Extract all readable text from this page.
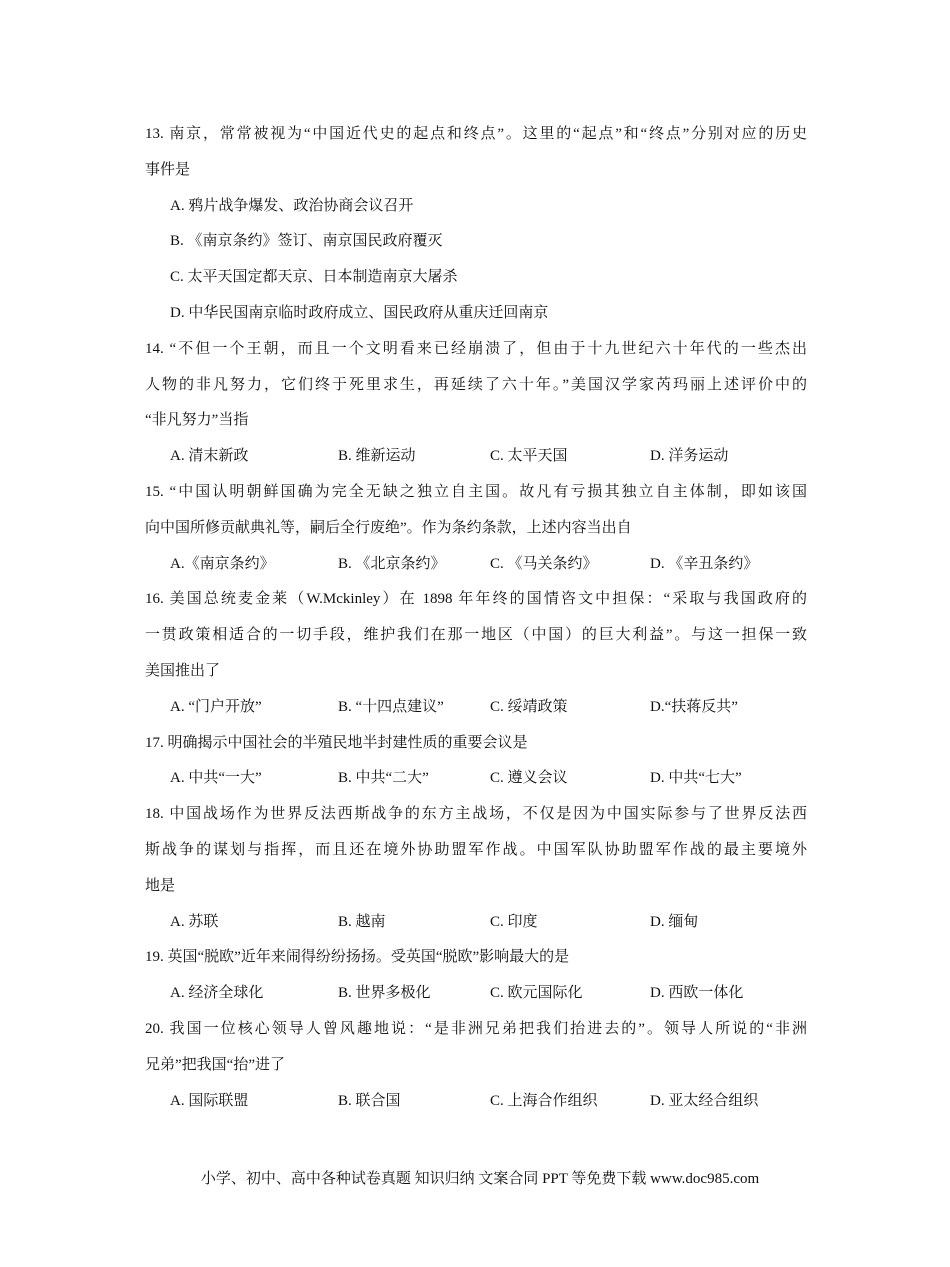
13. 南京，常常被视为“中国近代史的起点和终点”。这里的“起点”和“终点”分别对应的历史
事件是
A. 鸦片战争爆发、政治协商会议召开
B. 《南京条约》签订、南京国民政府覆灭
C. 太平天国定都天京、日本制造南京大屠杀
D. 中华民国南京临时政府成立、国民政府从重庆迁回南京
14. “不但一个王朝，而且一个文明看来已经崩溃了，但由于十九世纪六十年代的一些杰出
人物的非凡努力，它们终于死里求生，再延续了六十年。”美国汉学家芮玛丽上述评价中的
“非凡努力”当指
A. 清末新政	B. 维新运动	C. 太平天国	D. 洋务运动
15. “中国认明朝鲜国确为完全无缺之独立自主国。故凡有亏损其独立自主体制，即如该国
向中国所修贡献典礼等，嗣后全行废绝”。作为条约条款，上述内容当出自
A.《南京条约》	B. 《北京条约》	C. 《马关条约》	D. 《辛丑条约》
16. 美国总统麦金莱（W.Mckinley）在 1898 年年终的国情咨文中担保：“采取与我国政府的
一贯政策相适合的一切手段，维护我们在那一地区（中国）的巨大利益”。与这一担保一致
美国推出了
A. “门户开放”	B. “十四点建议”	C. 绥靖政策	D.“扶蒋反共”
17. 明确揭示中国社会的半殖民地半封建性质的重要会议是
A. 中共“一大”	B. 中共“二大”	C. 遵义会议	D. 中共“七大”
18. 中国战场作为世界反法西斯战争的东方主战场，不仅是因为中国实际参与了世界反法西
斯战争的谋划与指挥，而且还在境外协助盟军作战。中国军队协助盟军作战的最主要境外
地是
A. 苏联	B. 越南	C. 印度	D. 缅甸
19. 英国“脱欧”近年来闹得纷纷扬扬。受英国“脱欧”影响最大的是
A. 经济全球化	B. 世界多极化	C. 欧元国际化	D. 西欧一体化
20. 我国一位核心领导人曾风趣地说：“是非洲兄弟把我们抬进去的”。领导人所说的“非洲
兄弟”把我国“抬”进了
A. 国际联盟	B. 联合国	C. 上海合作组织	D. 亚太经合组织
小学、初中、高中各种试卷真题 知识归纳 文案合同 PPT 等免费下载 www.doc985.com
